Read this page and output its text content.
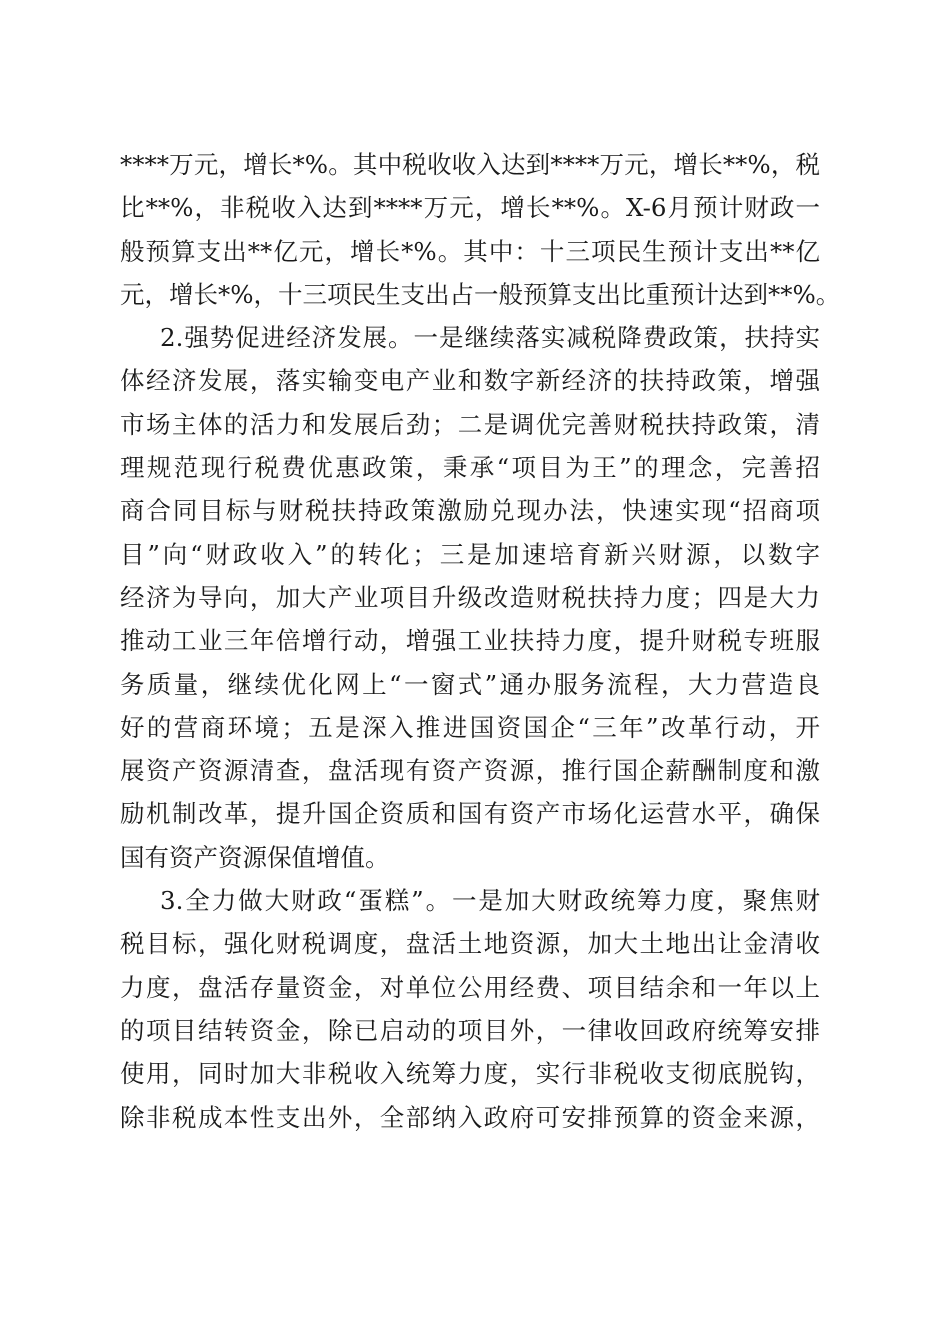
****万元，增长*%。其中税收收入达到****万元，增长**%，税
比**%，非税收入达到****万元，增长**%。X-6月预计财政一
般预算支出**亿元，增长*%。其中：十三项民生预计支出**亿
元，增长*%，十三项民生支出占一般预算支出比重预计达到**%。
2.强势促进经济发展。一是继续落实减税降费政策，扶持实
体经济发展，落实输变电产业和数字新经济的扶持政策，增强
市场主体的活力和发展后劲；二是调优完善财税扶持政策，清
理规范现行税费优惠政策，秉承“项目为王”的理念，完善招
商合同目标与财税扶持政策激励兑现办法，快速实现“招商项
目”向“财政收入”的转化；三是加速培育新兴财源，以数字
经济为导向，加大产业项目升级改造财税扶持力度；四是大力
推动工业三年倍增行动，增强工业扶持力度，提升财税专班服
务质量，继续优化网上“一窗式”通办服务流程，大力营造良
好的营商环境；五是深入推进国资国企“三年”改革行动，开
展资产资源清查，盘活现有资产资源，推行国企薪酬制度和激
励机制改革，提升国企资质和国有资产市场化运营水平，确保
国有资产资源保值增值。
3.全力做大财政“蛋糕”。一是加大财政统筹力度，聚焦财
税目标，强化财税调度，盘活土地资源，加大土地出让金清收
力度，盘活存量资金，对单位公用经费、项目结余和一年以上
的项目结转资金，除已启动的项目外，一律收回政府统筹安排
使用，同时加大非税收入统筹力度，实行非税收支彻底脱钩，
除非税成本性支出外，全部纳入政府可安排预算的资金来源，
